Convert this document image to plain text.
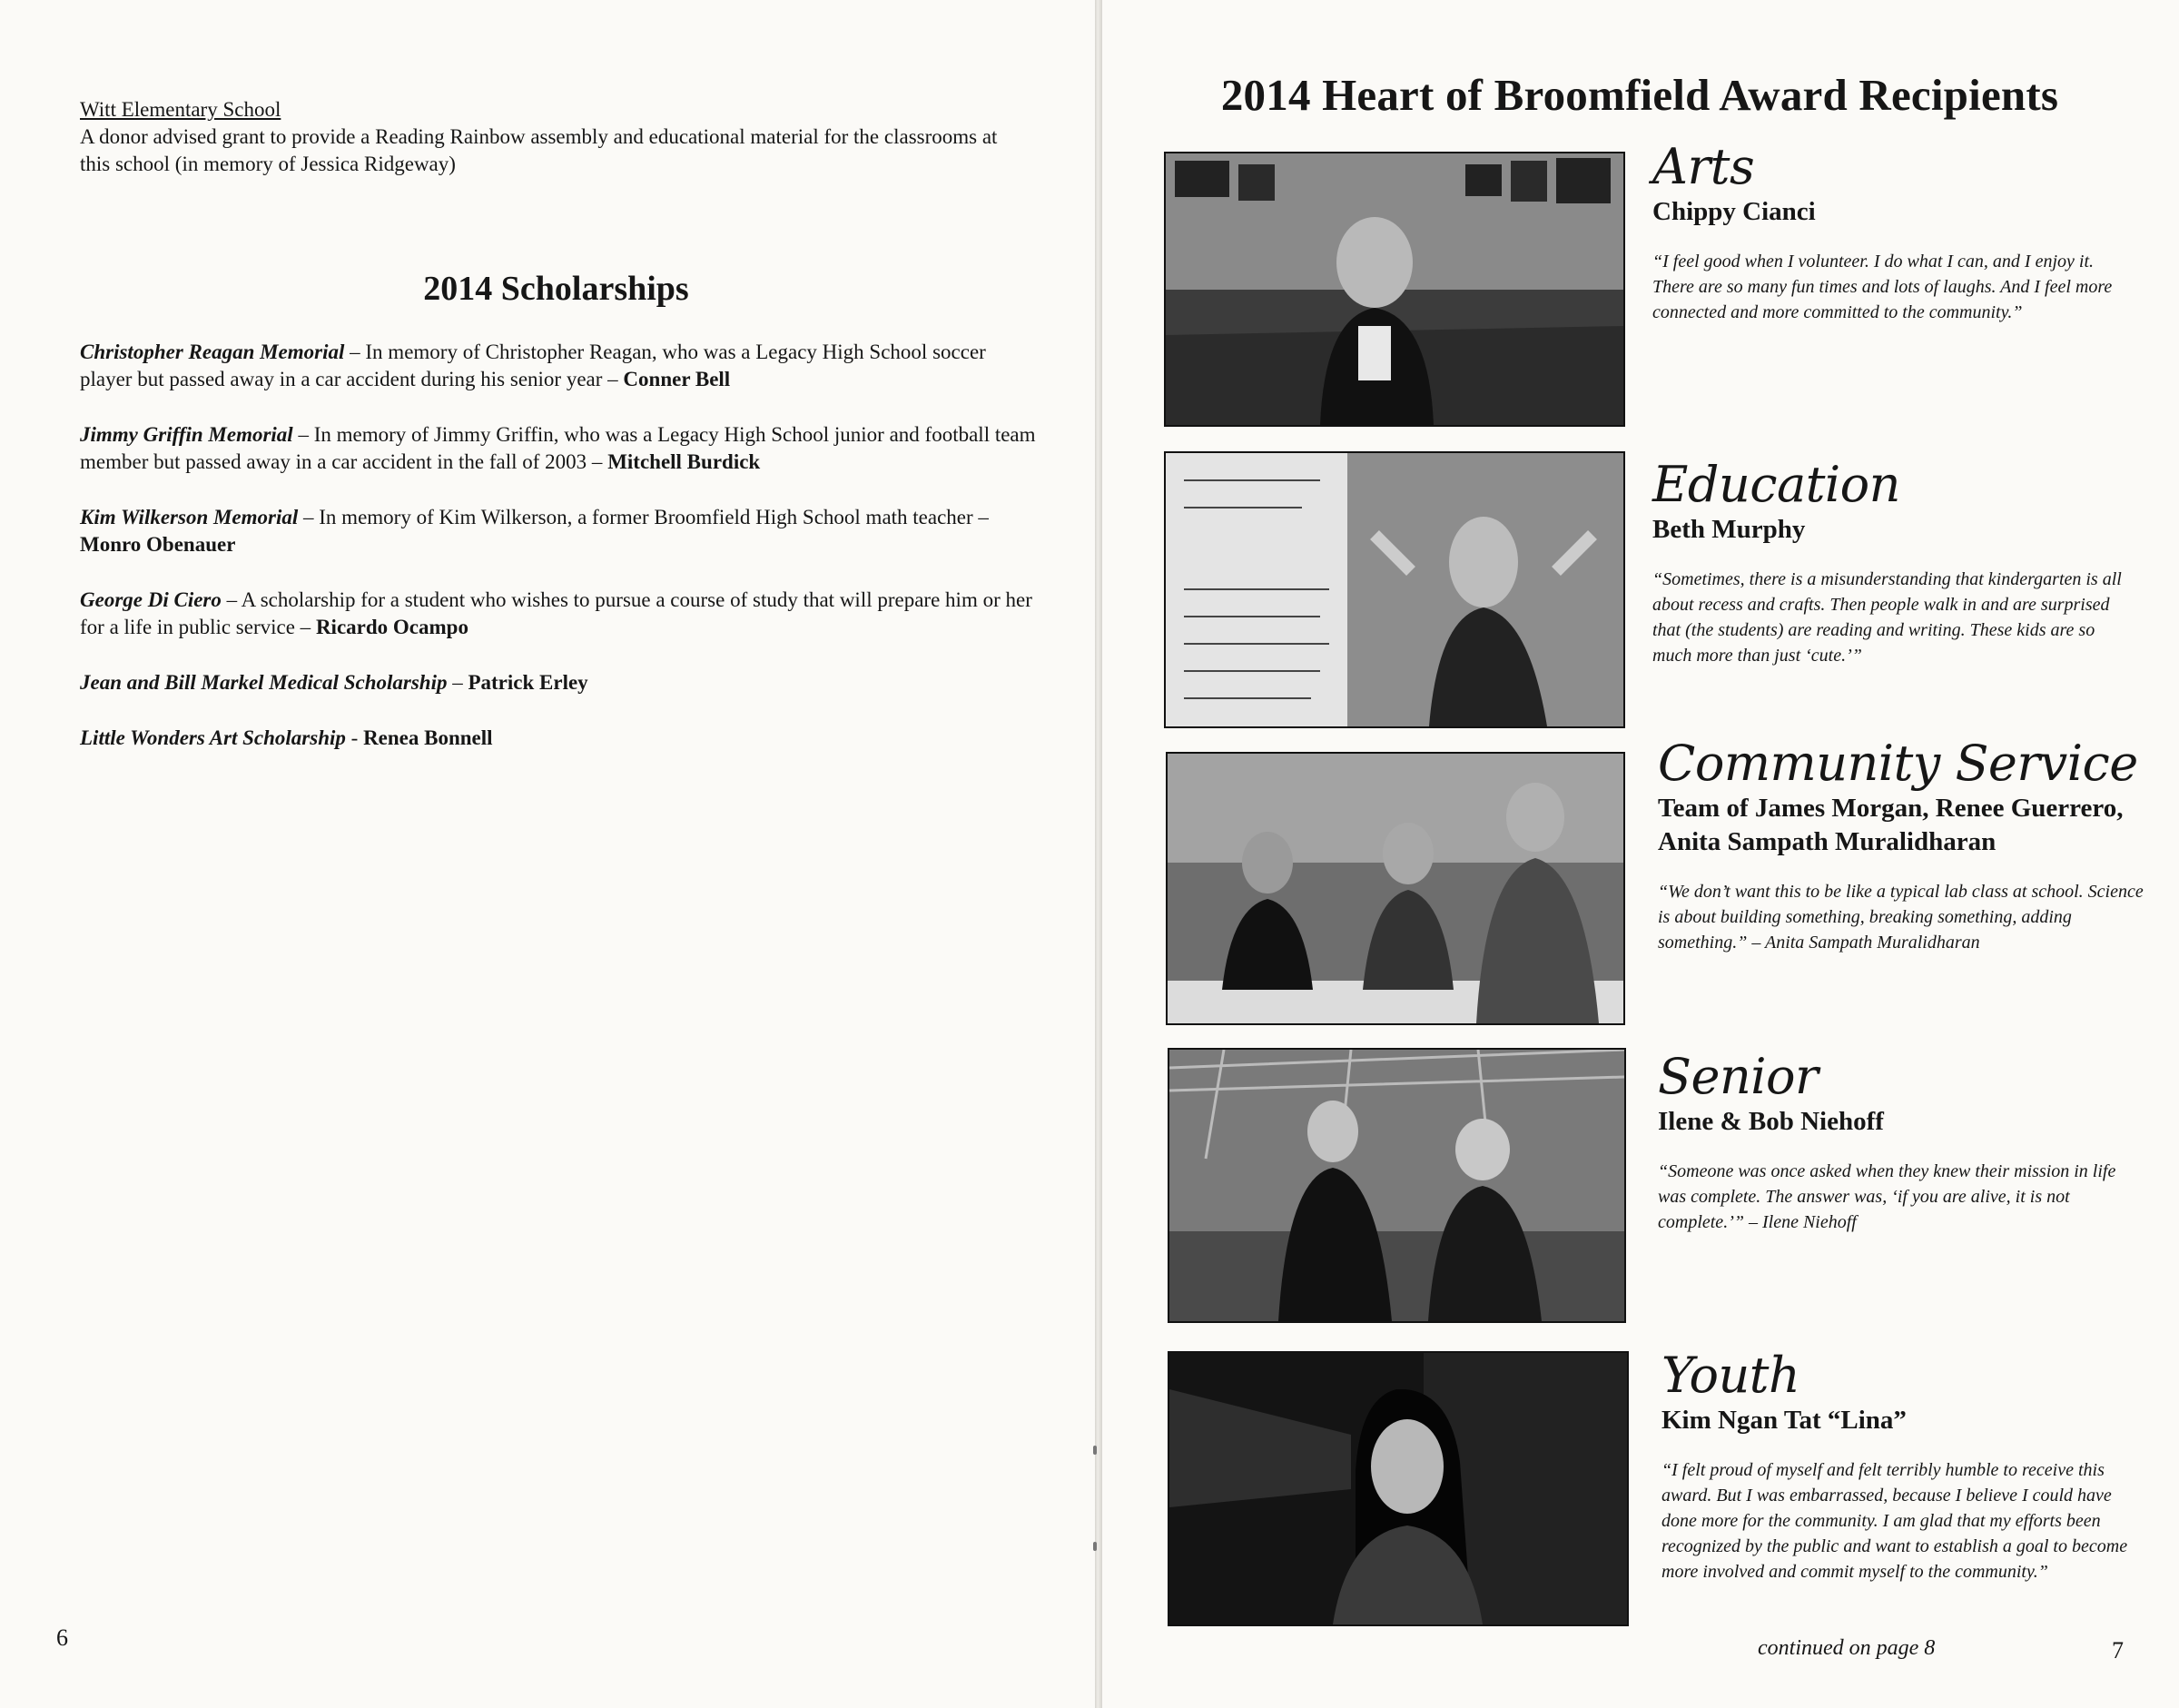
Witt Elementary School
A donor advised grant to provide a Reading Rainbow assembly and educational material for the classrooms at this school (in memory of Jessica Ridgeway)
2014 Scholarships
Christopher Reagan Memorial – In memory of Christopher Reagan, who was a Legacy High School soccer player but passed away in a car accident during his senior year – Conner Bell
Jimmy Griffin Memorial – In memory of Jimmy Griffin, who was a Legacy High School junior and football team member but passed away in a car accident in the fall of 2003 – Mitchell Burdick
Kim Wilkerson Memorial – In memory of Kim Wilkerson, a former Broomfield High School math teacher – Monro Obenauer
George Di Ciero – A scholarship for a student who wishes to pursue a course of study that will prepare him or her for a life in public service – Ricardo Ocampo
Jean and Bill Markel Medical Scholarship – Patrick Erley
Little Wonders Art Scholarship - Renea Bonnell
6
2014 Heart of Broomfield Award Recipients
Arts
Chippy Cianci
“I feel good when I volunteer. I do what I can, and I enjoy it. There are so many fun times and lots of laughs. And I feel more connected and more committed to the community.”
Education
Beth Murphy
“Sometimes, there is a misunderstanding that kindergarten is all about recess and crafts. Then people walk in and are surprised that (the students) are reading and writing. These kids are so much more than just ‘cute.’”
Community Service
Team of James Morgan, Renee Guerrero, Anita Sampath Muralidharan
“We don’t want this to be like a typical lab class at school. Science is about building something, breaking something, adding something.” – Anita Sampath Muralidharan
Senior
Ilene & Bob Niehoff
“Someone was once asked when they knew their mission in life was complete. The answer was, ‘if you are alive, it is not complete.’” – Ilene Niehoff
Youth
Kim Ngan Tat “Lina”
“I felt proud of myself and felt terribly humble to receive this award. But I was embarrassed, because I believe I could have done more for the community. I am glad that my efforts been recognized by the public and want to establish a goal to become more involved and commit myself to the community.”
continued on page 8	7
